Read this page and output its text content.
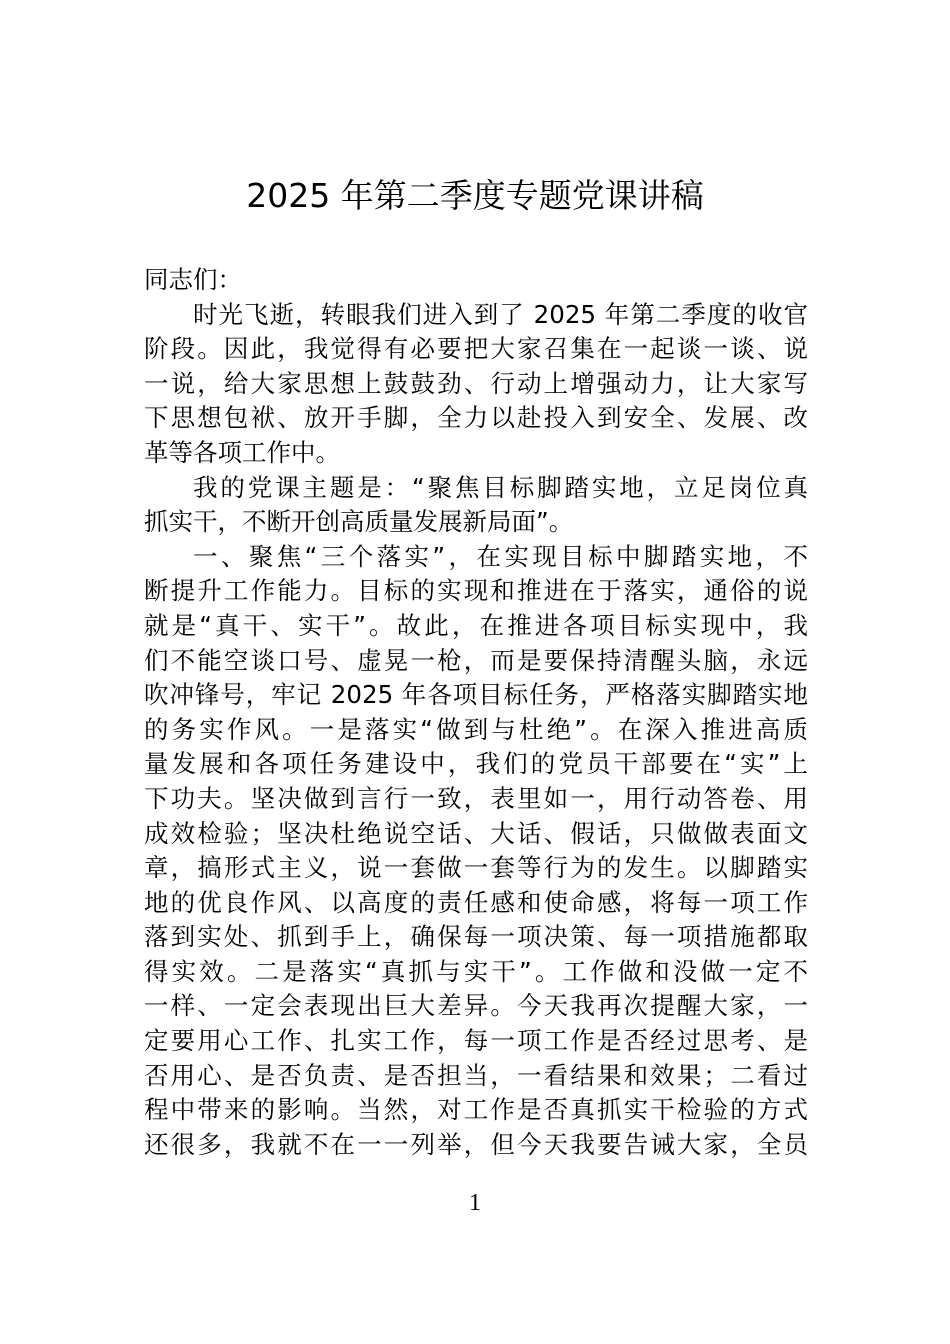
2025 年第二季度专题党课讲稿
同志们：
时光飞逝，转眼我们进入到了 2025 年第二季度的收官
阶段。因此，我觉得有必要把大家召集在一起谈一谈、说
一说，给大家思想上鼓鼓劲、行动上增强动力，让大家写
下思想包袱、放开手脚，全力以赴投入到安全、发展、改
革等各项工作中。
我的党课主题是：“聚焦目标脚踏实地，立足岗位真
抓实干，不断开创高质量发展新局面”。
一、聚焦“三个落实”，在实现目标中脚踏实地，不
断提升工作能力。目标的实现和推进在于落实，通俗的说
就是“真干、实干”。故此，在推进各项目标实现中，我
们不能空谈口号、虚晃一枪，而是要保持清醒头脑，永远
吹冲锋号，牢记 2025 年各项目标任务，严格落实脚踏实地
的务实作风。一是落实“做到与杜绝”。在深入推进高质
量发展和各项任务建设中，我们的党员干部要在“实”上
下功夫。坚决做到言行一致，表里如一，用行动答卷、用
成效检验；坚决杜绝说空话、大话、假话，只做做表面文
章，搞形式主义，说一套做一套等行为的发生。以脚踏实
地的优良作风、以高度的责任感和使命感，将每一项工作
落到实处、抓到手上，确保每一项决策、每一项措施都取
得实效。二是落实“真抓与实干”。工作做和没做一定不
一样、一定会表现出巨大差异。今天我再次提醒大家，一
定要用心工作、扎实工作，每一项工作是否经过思考、是
否用心、是否负责、是否担当，一看结果和效果；二看过
程中带来的影响。当然，对工作是否真抓实干检验的方式
还很多，我就不在一一列举，但今天我要告诫大家，全员
1
